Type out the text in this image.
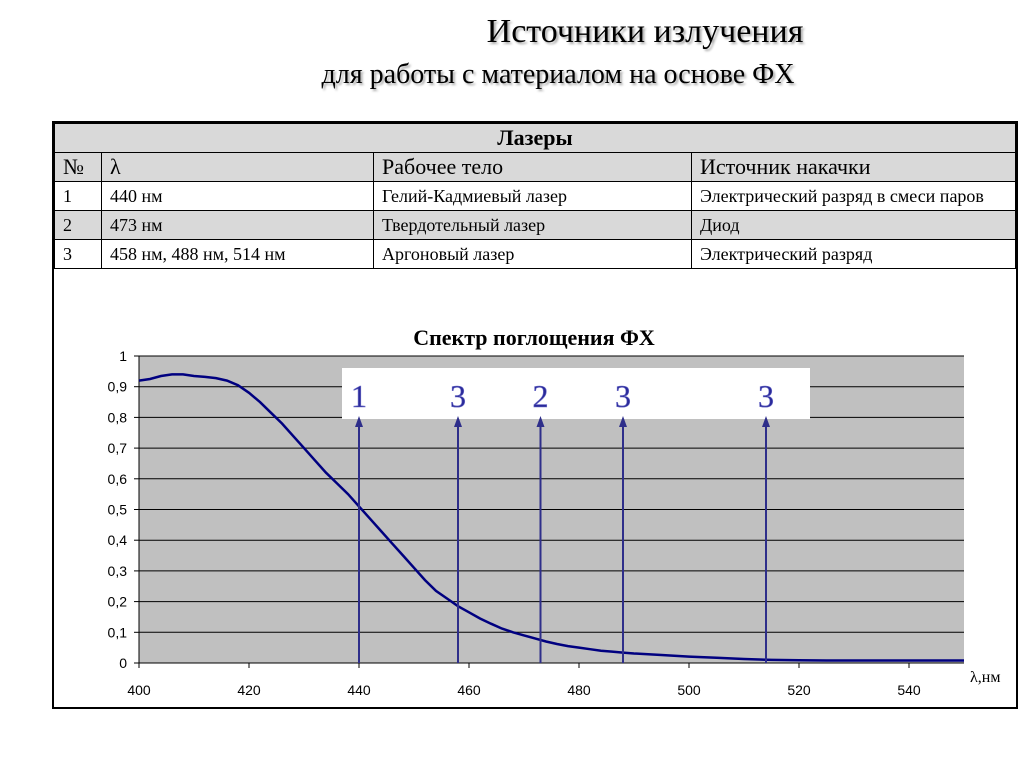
Источники излучения
для работы с материалом на основе ФХ
Лазеры			
№	λ	Рабочее тело	Источник накачки
1	440 нм	Гелий-Кадмиевый лазер	Электрический разряд в смеси паров
2	473 нм	Твердотельный лазер	Диод
3	458 нм, 488 нм, 514 нм	Аргоновый лазер	Электрический разряд
Спектр поглощения ФХ
0
0,1
0,2
0,3
0,4
0,5
0,6
0,7
0,8
0,9
1
400	420	440	460	480	500	520	540
λ,нм
1	3 2 3	3
